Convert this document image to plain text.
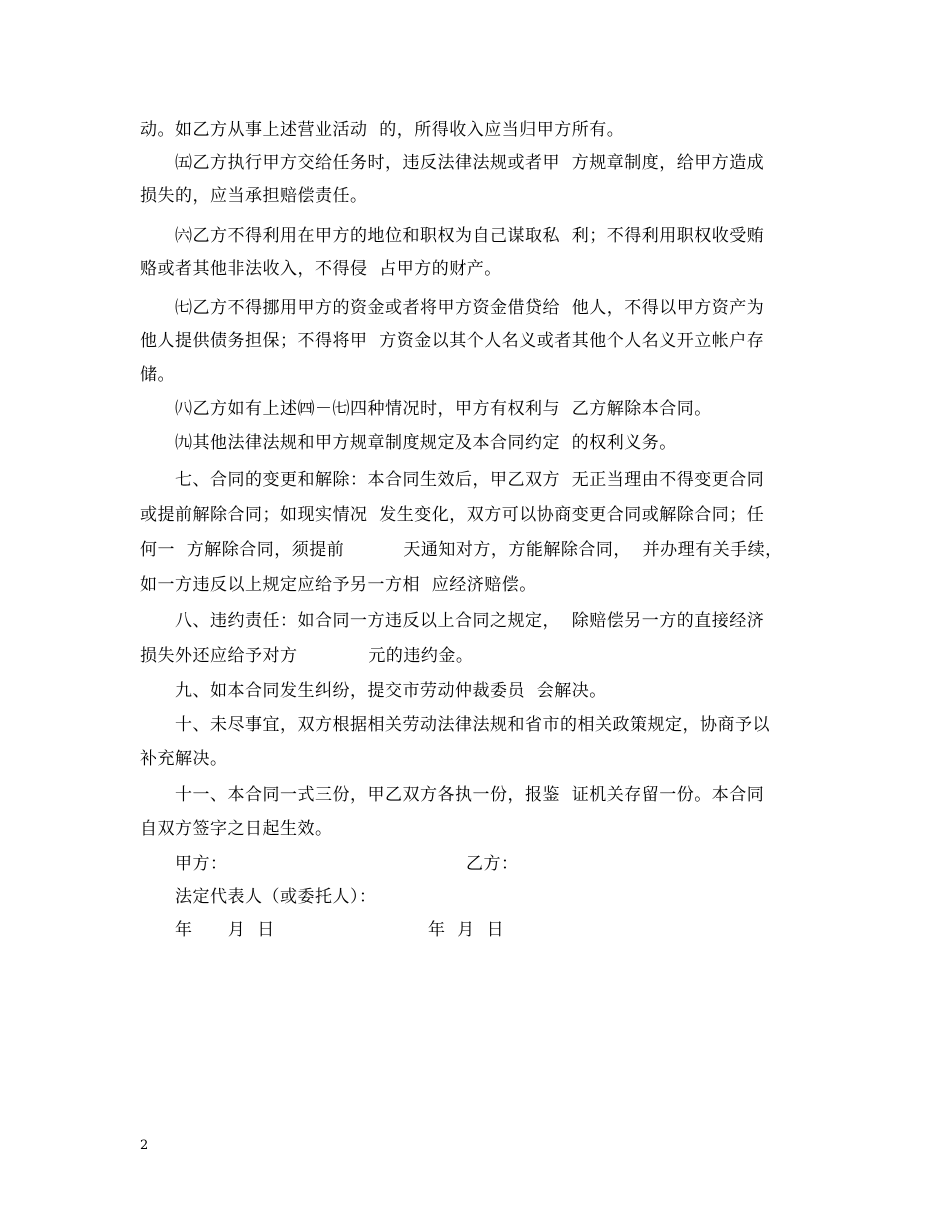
动。如乙方从事上述营业活动  的，所得收入应当归甲方所有。
㈤乙方执行甲方交给任务时，违反法律法规或者甲  方规章制度，给甲方造成
损失的，应当承担赔偿责任。
㈥乙方不得利用在甲方的地位和职权为自己谋取私  利；不得利用职权收受贿
赂或者其他非法收入，不得侵  占甲方的财产。
㈦乙方不得挪用甲方的资金或者将甲方资金借贷给  他人，不得以甲方资产为
他人提供债务担保；不得将甲  方资金以其个人名义或者其他个人名义开立帐户存
储。
㈧乙方如有上述㈣－㈦四种情况时，甲方有权利与  乙方解除本合同。
㈨其他法律法规和甲方规章制度规定及本合同约定  的权利义务。
七、合同的变更和解除：本合同生效后，甲乙双方  无正当理由不得变更合同
或提前解除合同；如现实情况  发生变化，双方可以协商变更合同或解除合同；任
何一  方解除合同，须提前          天通知对方，方能解除合同，  并办理有关手续，
如一方违反以上规定应给予另一方相  应经济赔偿。
八、违约责任：如合同一方违反以上合同之规定，  除赔偿另一方的直接经济
损失外还应给予对方            元的违约金。
九、如本合同发生纠纷，提交市劳动仲裁委员  会解决。
十、未尽事宜，双方根据相关劳动法律法规和省市的相关政策规定，协商予以
补充解决。
十一、本合同一式三份，甲乙双方各执一份，报鉴  证机关存留一份。本合同
自双方签字之日起生效。
甲方：	乙方：
法定代表人（或委托人）：
年      月  日	年  月  日
2
